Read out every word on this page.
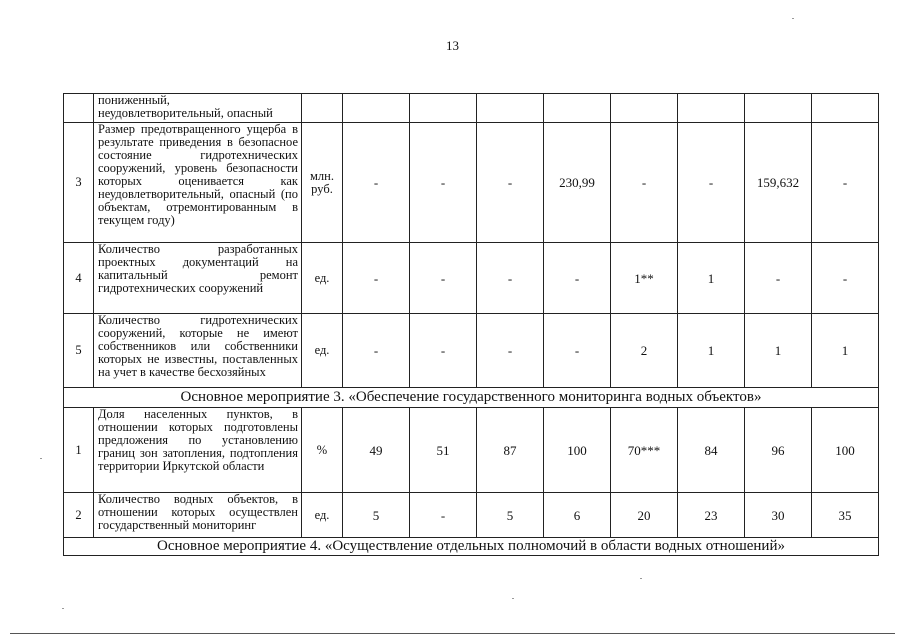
13
	пониженный,
неудовлетворительный, опасный									
3	Размер предотвращенного ущерба в результате приведения в безопасное состояние гидротехнических сооружений, уровень безопасности которых оценивается как неудовлетворительный, опасный (по объектам, отремонтированным в текущем году)	млн. руб.	-	-	-	230,99	-	-	159,632	-
4	Количество разработанных проектных документаций на капитальный ремонт гидротехнических сооружений	ед.	-	-	-	-	1**	1	-	-
5	Количество гидротехнических сооружений, которые не имеют собственников или собственники которых не известны, поставленных на учет в качестве бесхозяйных	ед.	-	-	-	-	2	1	1	1
Основное мероприятие 3. «Обеспечение государственного мониторинга водных объектов»										
1	Доля населенных пунктов, в отношении которых подготовлены предложения по установлению границ зон затопления, подтопления территории Иркутской области	%	49	51	87	100	70***	84	96	100
2	Количество водных объектов, в отношении которых осуществлен государственный мониторинг	ед.	5	-	5	6	20	23	30	35
Основное мероприятие 4. «Осуществление отдельных полномочий в области водных отношений»										
